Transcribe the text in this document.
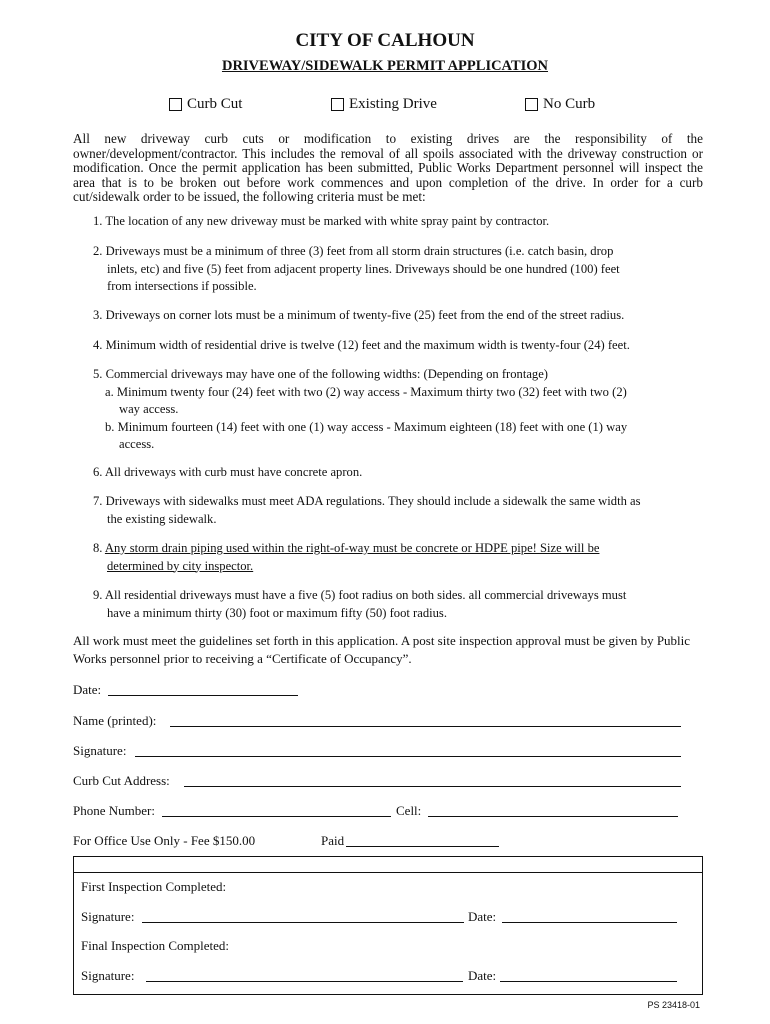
CITY OF CALHOUN
DRIVEWAY/SIDEWALK PERMIT APPLICATION
Curb Cut	Existing Drive	No Curb
All new driveway curb cuts or modification to existing drives are the responsibility of the owner/development/contractor. This includes the removal of all spoils associated with the driveway construction or modification. Once the permit application has been submitted, Public Works Department personnel will inspect the area that is to be broken out before work commences and upon completion of the drive. In order for a curb cut/sidewalk order to be issued, the following criteria must be met:
1. The location of any new driveway must be marked with white spray paint by contractor.
2. Driveways must be a minimum of three (3) feet from all storm drain structures (i.e. catch basin, drop
inlets, etc) and five (5) feet from adjacent property lines. Driveways should be one hundred (100) feet
from intersections if possible.
3. Driveways on corner lots must be a minimum of twenty-five (25) feet from the end of the street radius.
4. Minimum width of residential drive is twelve (12) feet and the maximum width is twenty-four (24) feet.
5. Commercial driveways may have one of the following widths: (Depending on frontage)
a. Minimum twenty four (24) feet with two (2) way access - Maximum thirty two (32) feet with two (2)
way access.
b. Minimum fourteen (14) feet with one (1) way access - Maximum eighteen (18) feet with one (1) way
access.
6. All driveways with curb must have concrete apron.
7. Driveways with sidewalks must meet ADA regulations. They should include a sidewalk the same width as
the existing sidewalk.
8. Any storm drain piping used within the right-of-way must be concrete or HDPE pipe! Size will be
determined by city inspector.
9. All residential driveways must have a five (5) foot radius on both sides. all commercial driveways must
have a minimum thirty (30) foot or maximum fifty (50) foot radius.
All work must meet the guidelines set forth in this application. A post site inspection approval must be given by Public Works personnel prior to receiving a “Certificate of Occupancy”.
Date:
Name (printed):
Signature:
Curb Cut Address:
Phone Number:	Cell:
For Office Use Only - Fee $150.00	Paid
First Inspection Completed:
Signature:	Date:
Final Inspection Completed:
Signature:	Date:
PS 23418-01
